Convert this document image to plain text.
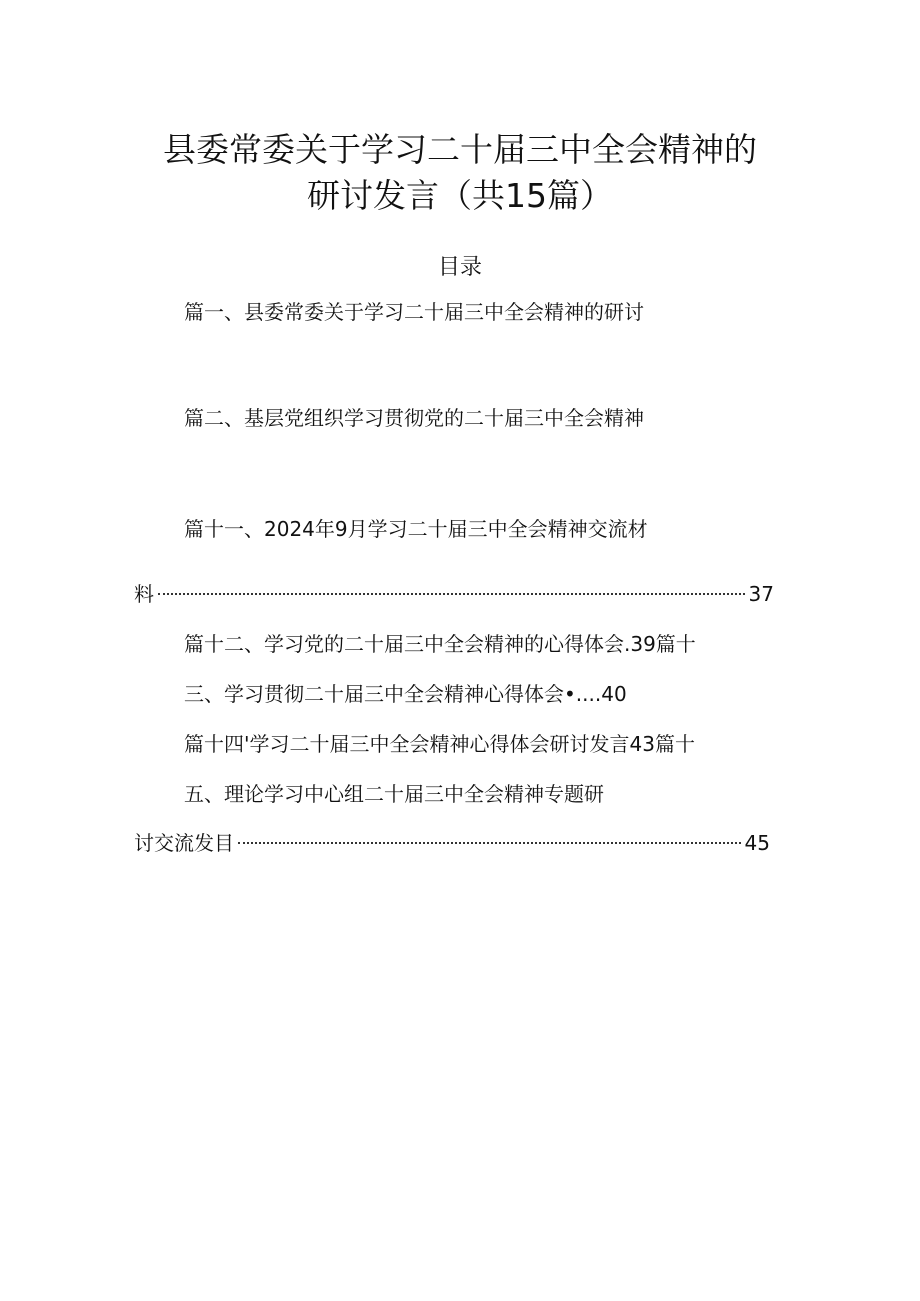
县委常委关于学习二十届三中全会精神的
研讨发言（共15篇）
目录
篇一、县委常委关于学习二十届三中全会精神的研讨
篇二、基层党组织学习贯彻党的二十届三中全会精神
篇十一、2024年9月学习二十届三中全会精神交流材
料	37
篇十二、学习党的二十届三中全会精神的心得体会.39篇十
三、学习贯彻二十届三中全会精神心得体会•....40
篇十四'学习二十届三中全会精神心得体会研讨发言43篇十
五、理论学习中心组二十届三中全会精神专题研
讨交流发目	45
